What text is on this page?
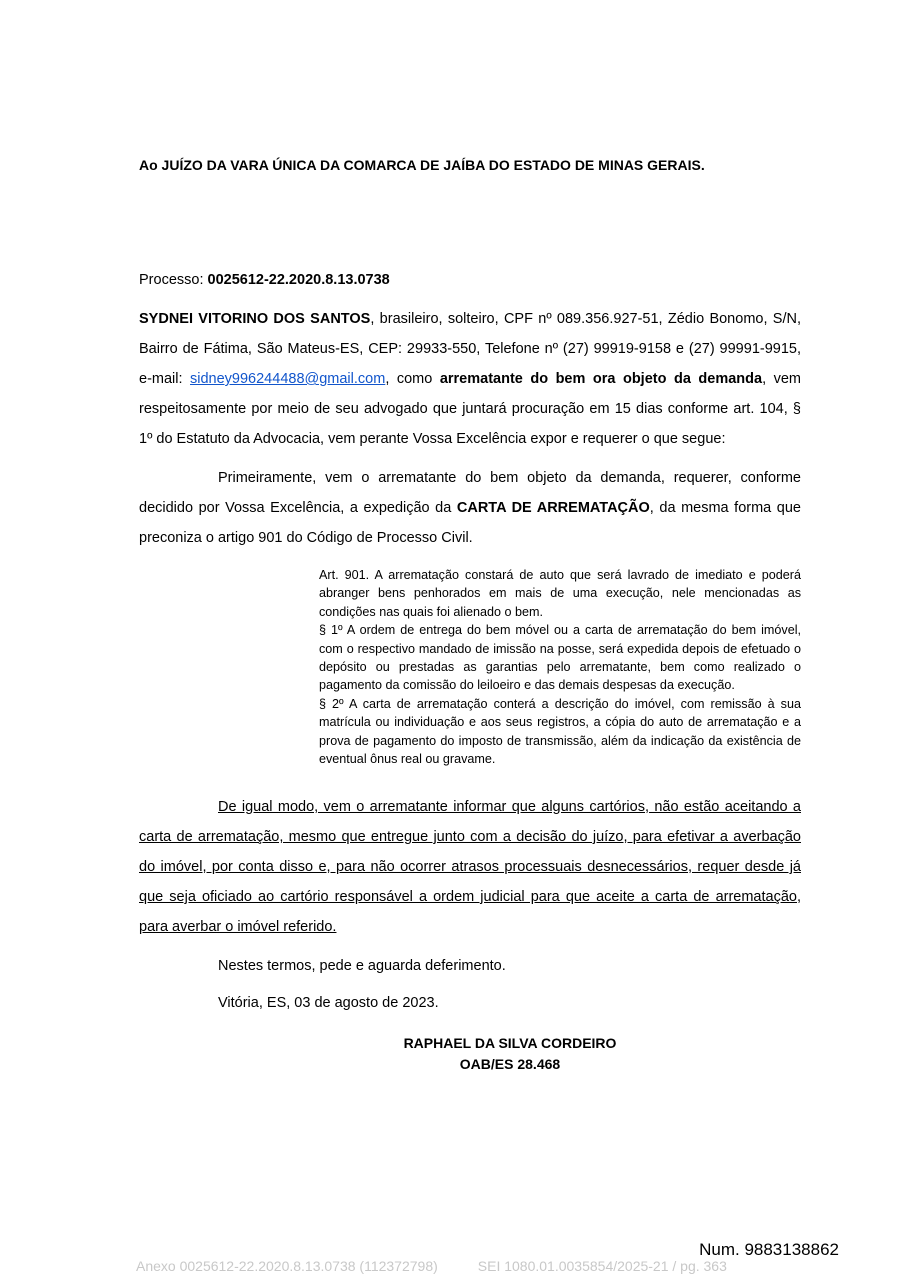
Ao JUÍZO DA VARA ÚNICA DA COMARCA DE JAÍBA DO ESTADO DE MINAS GERAIS.
Processo: 0025612-22.2020.8.13.0738
SYDNEI VITORINO DOS SANTOS, brasileiro, solteiro, CPF nº 089.356.927-51, Zédio Bonomo, S/N, Bairro de Fátima, São Mateus-ES, CEP: 29933-550, Telefone nº (27) 99919-9158 e (27) 99991-9915, e-mail: sidney996244488@gmail.com, como arrematante do bem ora objeto da demanda, vem respeitosamente por meio de seu advogado que juntará procuração em 15 dias conforme art. 104, § 1º do Estatuto da Advocacia, vem perante Vossa Excelência expor e requerer o que segue:
Primeiramente, vem o arrematante do bem objeto da demanda, requerer, conforme decidido por Vossa Excelência, a expedição da CARTA DE ARREMATAÇÃO, da mesma forma que preconiza o artigo 901 do Código de Processo Civil.

Art. 901. A arrematação constará de auto que será lavrado de imediato e poderá abranger bens penhorados em mais de uma execução, nele mencionadas as condições nas quais foi alienado o bem.

§ 1º A ordem de entrega do bem móvel ou a carta de arrematação do bem imóvel, com o respectivo mandado de imissão na posse, será expedida depois de efetuado o depósito ou prestadas as garantias pelo arrematante, bem como realizado o pagamento da comissão do leiloeiro e das demais despesas da execução.

§ 2º A carta de arrematação conterá a descrição do imóvel, com remissão à sua matrícula ou individuação e aos seus registros, a cópia do auto de arrematação e a prova de pagamento do imposto de transmissão, além da indicação da existência de eventual ônus real ou gravame.

De igual modo, vem o arrematante informar que alguns cartórios, não estão aceitando a carta de arrematação, mesmo que entregue junto com a decisão do juízo, para efetivar a averbação do imóvel, por conta disso e, para não ocorrer atrasos processuais desnecessários, requer desde já que seja oficiado ao cartório responsável a ordem judicial para que aceite a carta de arrematação, para averbar o imóvel referido.
Nestes termos, pede e aguarda deferimento.
Vitória, ES, 03 de agosto de 2023.
RAPHAEL DA SILVA CORDEIRO
OAB/ES 28.468
Num. 9883138862
Anexo 0025612-22.2020.8.13.0738 (112372798)	SEI 1080.01.0035854/2025-21 / pg. 363
